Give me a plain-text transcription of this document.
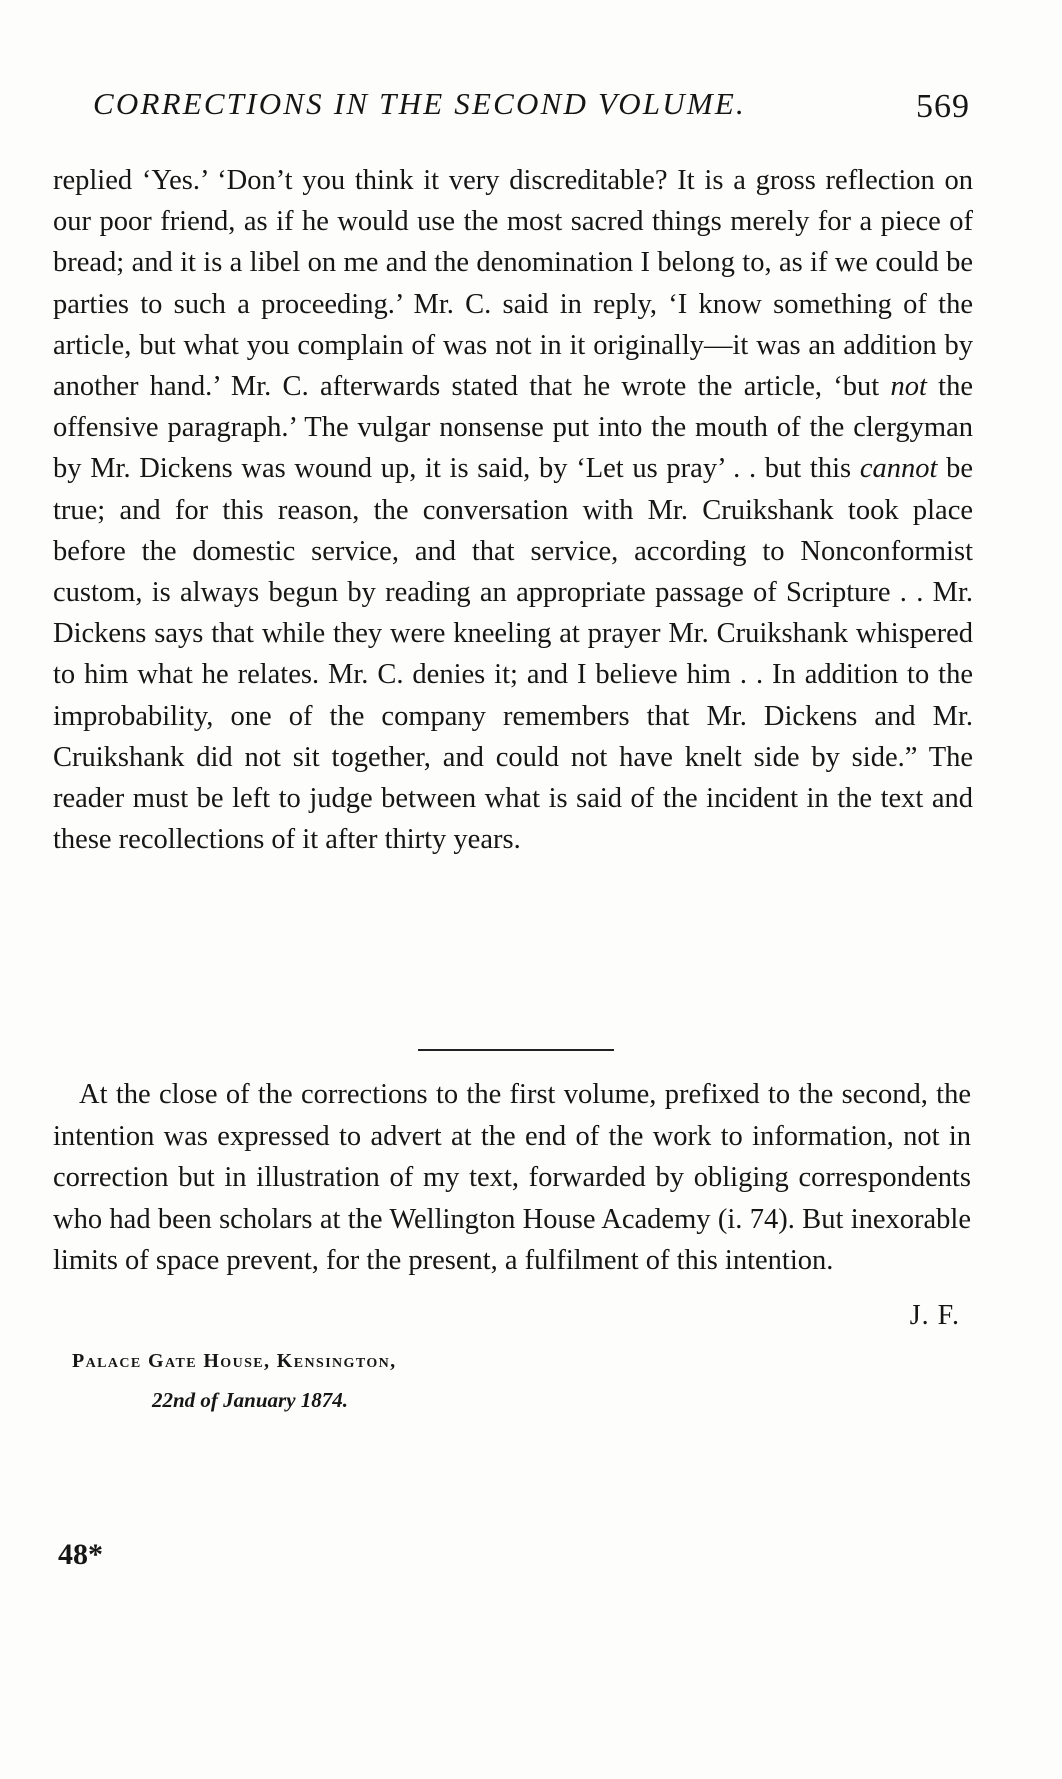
CORRECTIONS IN THE SECOND VOLUME.	569

replied ‘Yes.’ ‘Don’t you think it very discreditable? It is a gross reflection on our poor friend, as if he would use the most sacred things merely for a piece of bread; and it is a libel on me and the denomination I belong to, as if we could be parties to such a proceeding.’ Mr. C. said in reply, ‘I know something of the article, but what you complain of was not in it originally—it was an addition by another hand.’ Mr. C. afterwards stated that he wrote the article, ‘but not the offensive paragraph.’ The vulgar nonsense put into the mouth of the clergyman by Mr. Dickens was wound up, it is said, by ‘Let us pray’ . . but this cannot be true; and for this reason, the conversation with Mr. Cruikshank took place before the domestic service, and that service, according to Nonconformist custom, is always begun by reading an appropriate passage of Scripture . . Mr. Dickens says that while they were kneeling at prayer Mr. Cruikshank whispered to him what he relates. Mr. C. denies it; and I believe him . . In addition to the improbability, one of the company remembers that Mr. Dickens and Mr. Cruikshank did not sit together, and could not have knelt side by side.” The reader must be left to judge between what is said of the incident in the text and these recollections of it after thirty years.

At the close of the corrections to the first volume, prefixed to the second, the intention was expressed to advert at the end of the work to information, not in correction but in illustration of my text, forwarded by obliging correspondents who had been scholars at the Wellington House Academy (i. 74). But inexorable limits of space prevent, for the present, a fulfilment of this intention.

J. F.
Palace Gate House, Kensington,
22nd of January 1874.
48*
